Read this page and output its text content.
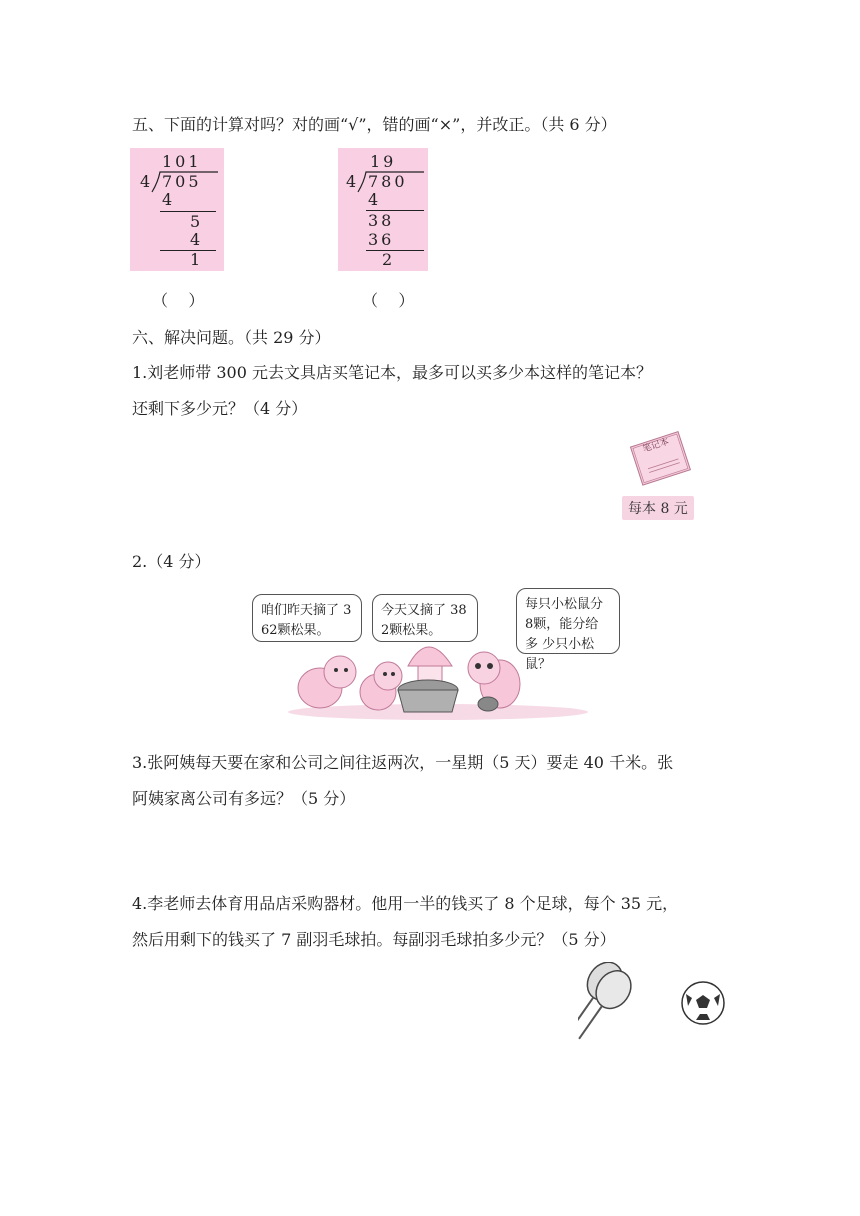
五、下面的计算对吗？对的画“√”，错的画“×”，并改正。（共 6 分）
101
4 705
4
5
4
1
19
4 780
4
38
36
2
（    ）	（    ）
六、解决问题。（共 29 分）
1.刘老师带 300 元去文具店买笔记本，最多可以买多少本这样的笔记本？
还剩下多少元？（4 分）
笔记本
每本 8 元
2.（4 分）
咱们昨天摘了 362颗松果。
今天又摘了 382颗松果。
每只小松鼠分 8颗，能分给多 少只小松鼠？
3.张阿姨每天要在家和公司之间往返两次，一星期（5 天）要走 40 千米。张
阿姨家离公司有多远？（5 分）
4.李老师去体育用品店采购器材。他用一半的钱买了 8 个足球，每个 35 元，
然后用剩下的钱买了 7 副羽毛球拍。每副羽毛球拍多少元？（5 分）
